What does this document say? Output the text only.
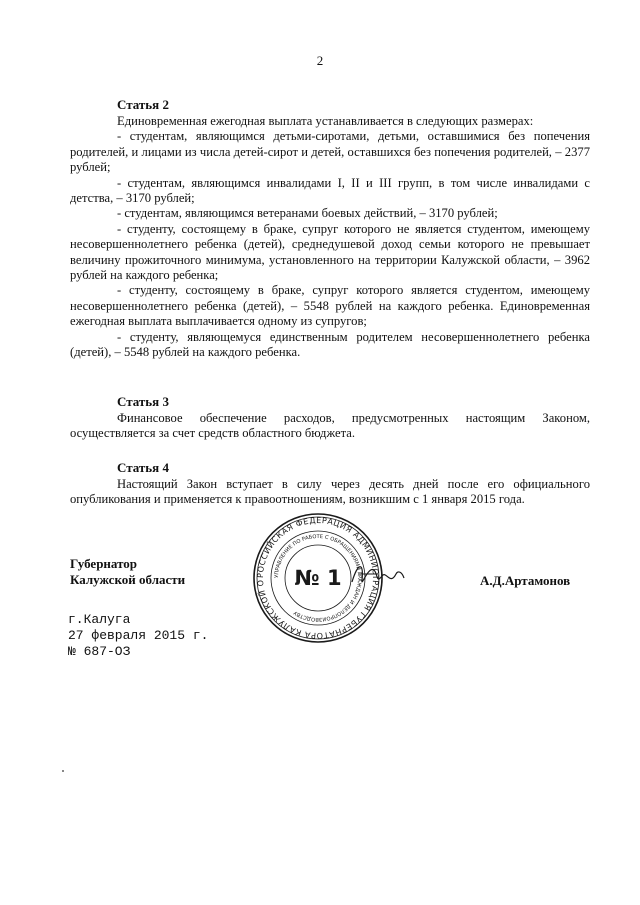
2
Статья 2

Единовременная ежегодная выплата устанавливается в следующих размерах:

- студентам, являющимся детьми-сиротами, детьми, оставшимися без попечения родителей, и лицами из числа детей-сирот и детей, оставшихся без попечения родителей, – 2377 рублей;

- студентам, являющимся инвалидами I, II и III групп, в том числе инвалидами с детства, – 3170 рублей;

- студентам, являющимся ветеранами боевых действий, – 3170 рублей;

- студенту, состоящему в браке, супруг которого не является студентом, имеющему несовершеннолетнего ребенка (детей), среднедушевой доход семьи которого не превышает величину прожиточного минимума, установленного на территории Калужской области, – 3962 рублей на каждого ребенка;

- студенту, состоящему в браке, супруг которого является студентом, имеющему несовершеннолетнего ребенка (детей), – 5548 рублей на каждого ребенка. Единовременная ежегодная выплата выплачивается одному из супругов;

- студенту, являющемуся единственным родителем несовершеннолетнего ребенка (детей), – 5548 рублей на каждого ребенка.

Статья 3

Финансовое обеспечение расходов, предусмотренных настоящим Законом, осуществляется за счет средств областного бюджета.

Статья 4

Настоящий Закон вступает в силу через десять дней после его официального опубликования и применяется к правоотношениям, возникшим с 1 января 2015 года.

Губернатор
Калужской области	А.Д.Артамонов
РОССИЙСКАЯ ФЕДЕРАЦИЯ АДМИНИСТРАЦИЯ ГУБЕРНАТОРА КАЛУЖСКОЙ О
УПРАВЛЕНИЕ ПО РАБОТЕ С ОБРАЩЕНИЯМИ ГРАЖДАН И ДЕЛОПРОИЗВОДСТВУ
№ 1
г.Калуга
27 февраля 2015 г.
№ 687-ОЗ
